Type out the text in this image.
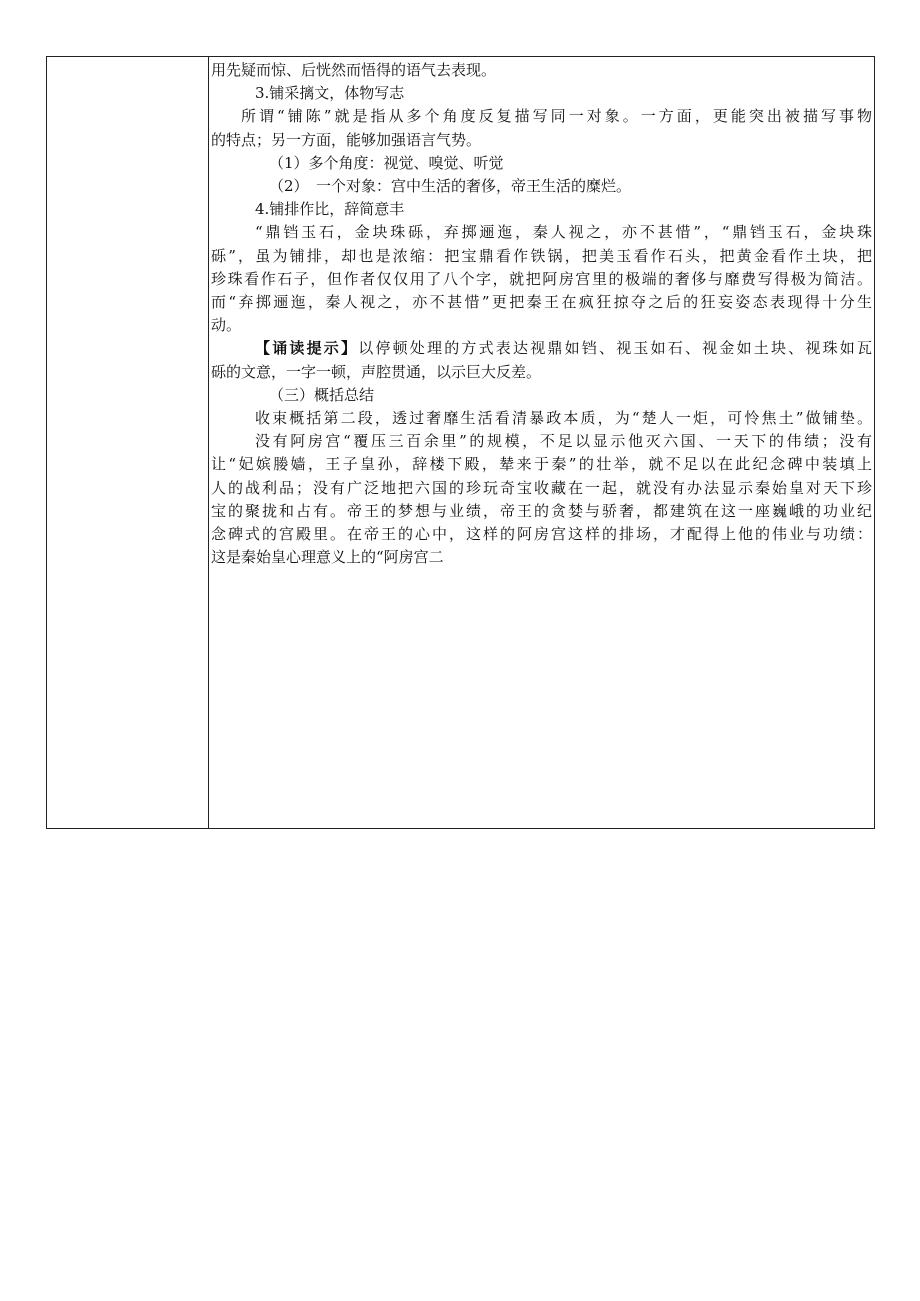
用先疑而惊、后恍然而悟得的语气去表现。

3.铺采摛文，体物写志

所谓“铺陈”就是指从多个角度反复描写同一对象。一方面，更能突出被描写事物

的特点；另一方面，能够加强语言气势。

（1）多个角度：视觉、嗅觉、听觉

（2）　一个对象：宫中生活的奢侈，帝王生活的糜烂。

4.铺排作比，辞简意丰

“鼎铛玉石，金块珠砾，弃掷逦迤，秦人视之，亦不甚惜”，“鼎铛玉石，金块珠

砾”，虽为铺排，却也是浓缩：把宝鼎看作铁锅，把美玉看作石头，把黄金看作土块，把

珍珠看作石子，但作者仅仅用了八个字，就把阿房宫里的极端的奢侈与靡费写得极为简洁。

而“弃掷逦迤，秦人视之，亦不甚惜”更把秦王在疯狂掠夺之后的狂妄姿态表现得十分生

动。

【诵读提示】以停顿处理的方式表达视鼎如铛、视玉如石、视金如土块、视珠如瓦

砾的文意，一字一顿，声腔贯通，以示巨大反差。

（三）概括总结

收束概括第二段，透过奢靡生活看清暴政本质，为“楚人一炬，可怜焦土”做铺垫。

没有阿房宫“覆压三百余里”的规模，不足以显示他灭六国、一天下的伟绩；没有

让“妃嫔媵嫱，王子皇孙，辞楼下殿，辇来于秦”的壮举，就不足以在此纪念碑中装填上

人的战利品；没有广泛地把六国的珍玩奇宝收藏在一起，就没有办法显示秦始皇对天下珍

宝的聚拢和占有。帝王的梦想与业绩，帝王的贪婪与骄奢，都建筑在这一座巍峨的功业纪

念碑式的宫殿里。在帝王的心中，这样的阿房宫这样的排场，才配得上他的伟业与功绩：

这是秦始皇心理意义上的“阿房宫二
